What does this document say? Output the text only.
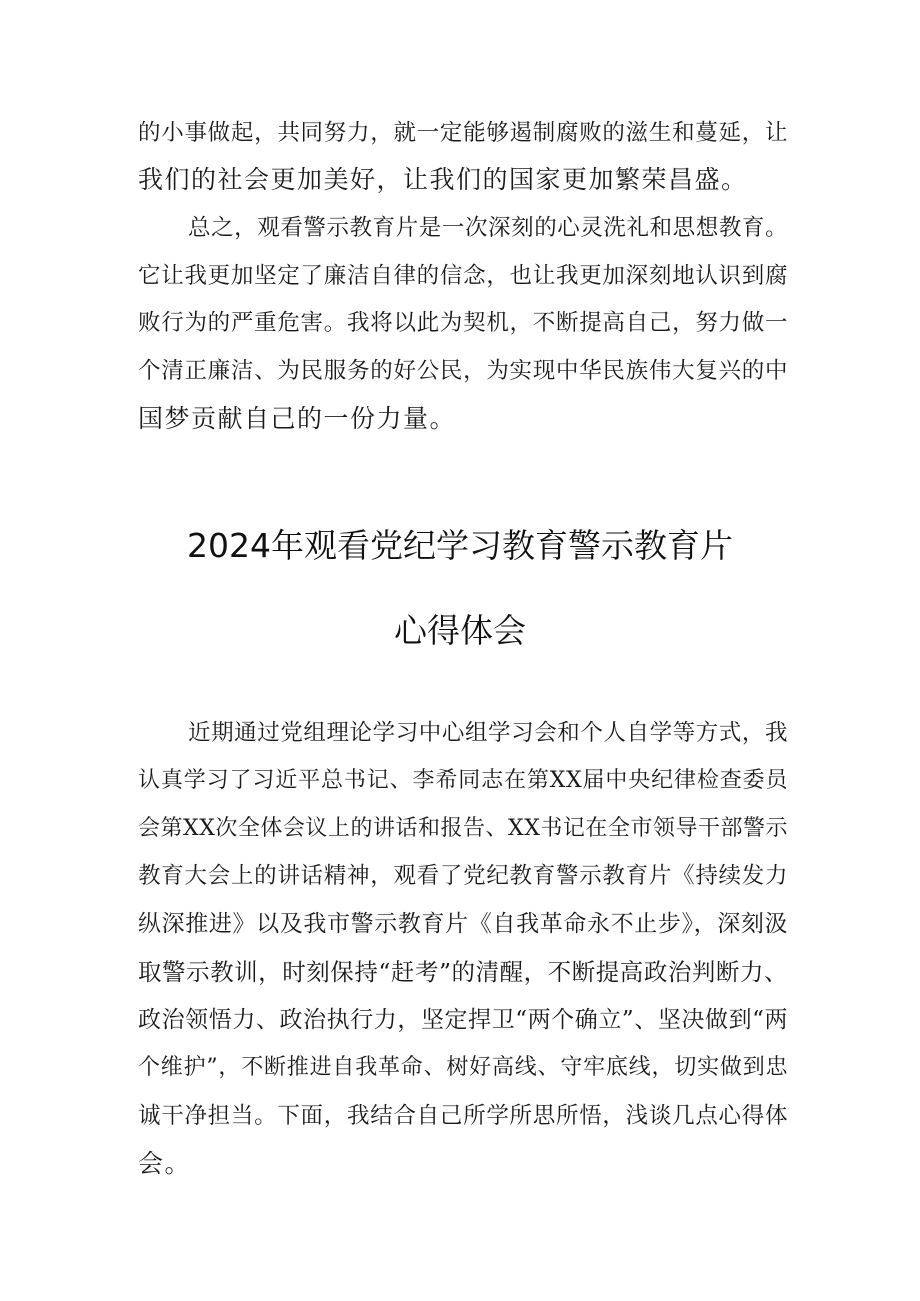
的小事做起，共同努力，就一定能够遏制腐败的滋生和蔓延，让
我们的社会更加美好，让我们的国家更加繁荣昌盛。
总之，观看警示教育片是一次深刻的心灵洗礼和思想教育。
它让我更加坚定了廉洁自律的信念，也让我更加深刻地认识到腐
败行为的严重危害。我将以此为契机，不断提高自己，努力做一
个清正廉洁、为民服务的好公民，为实现中华民族伟大复兴的中
国梦贡献自己的一份力量。
2024年观看党纪学习教育警示教育片
心得体会
近期通过党组理论学习中心组学习会和个人自学等方式，我
认真学习了习近平总书记、李希同志在第XX届中央纪律检查委员
会第XX次全体会议上的讲话和报告、XX书记在全市领导干部警示
教育大会上的讲话精神，观看了党纪教育警示教育片《持续发力
纵深推进》以及我市警示教育片《自我革命永不止步》，深刻汲
取警示教训，时刻保持“赶考”的清醒，不断提高政治判断力、
政治领悟力、政治执行力，坚定捍卫“两个确立”、坚决做到“两
个维护”，不断推进自我革命、树好高线、守牢底线，切实做到忠
诚干净担当。下面，我结合自己所学所思所悟，浅谈几点心得体
会。
